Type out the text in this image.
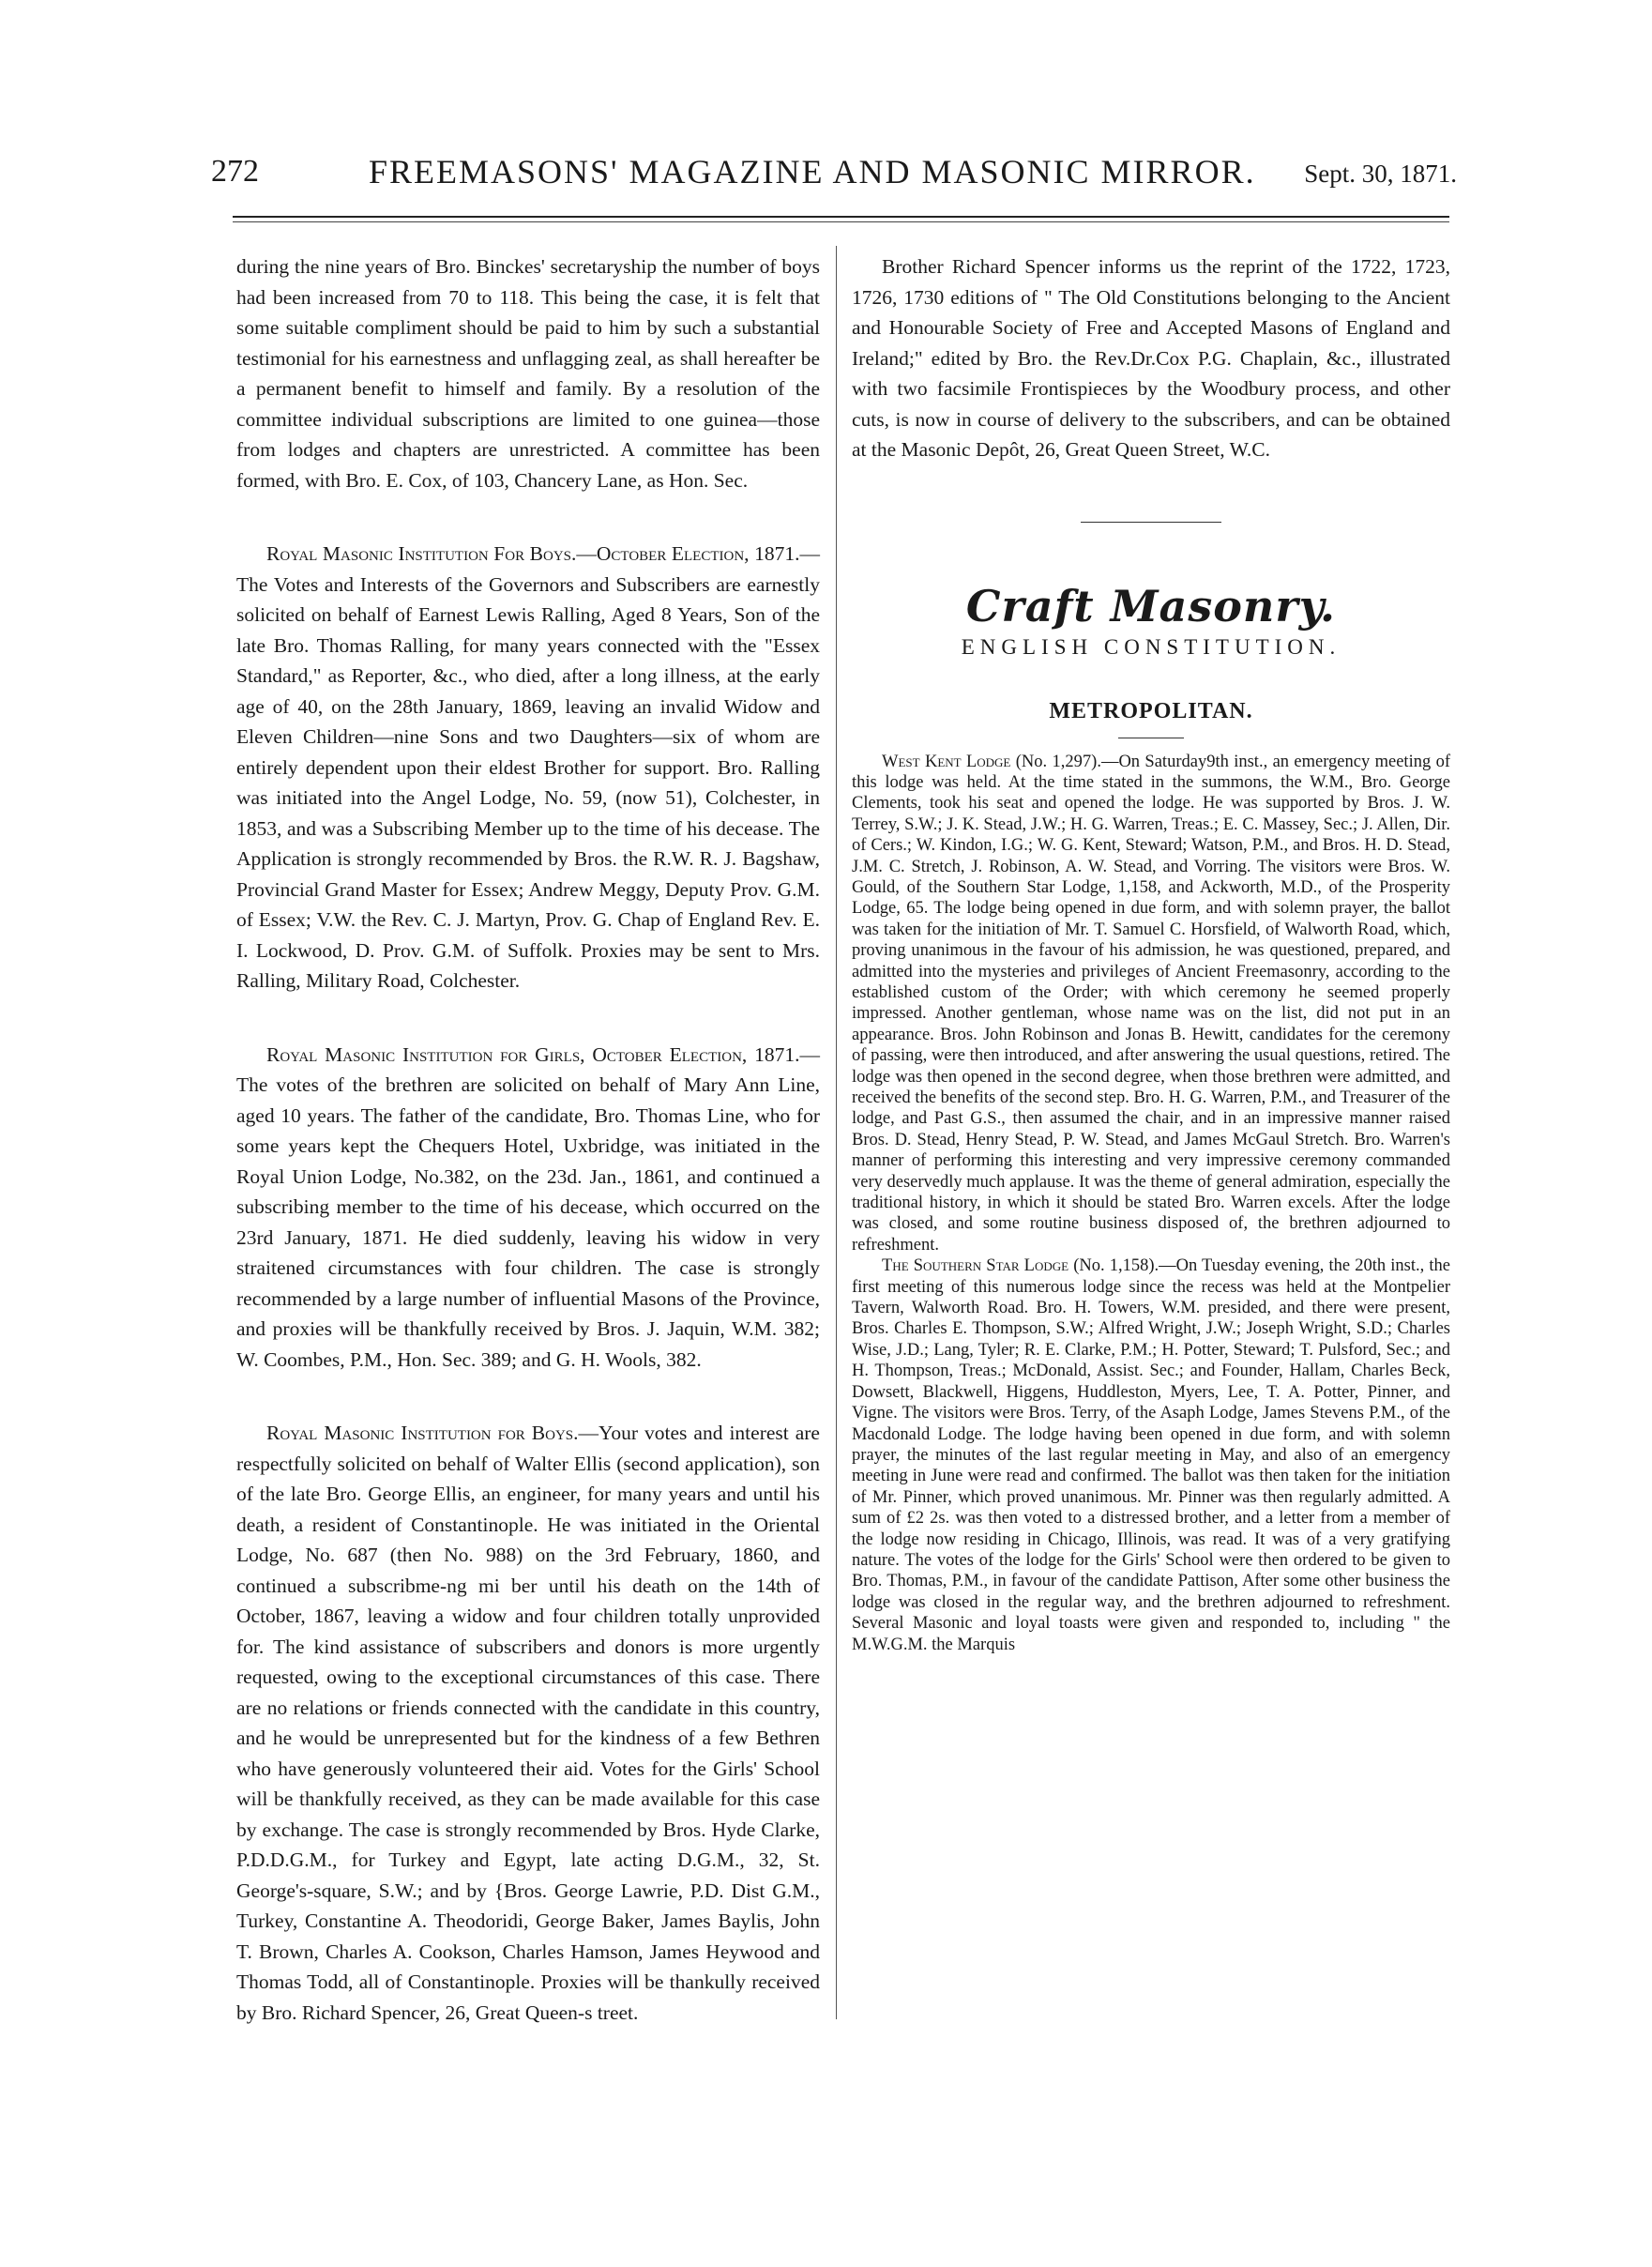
272	FREEMASONS' MAGAZINE AND MASONIC MIRROR. Sept. 30, 1871.

during the nine years of Bro. Binckes' secretaryship the number of boys had been increased from 70 to 118. This being the case, it is felt that some suitable compliment should be paid to him by such a substantial testimonial for his earnestness and unflagging zeal, as shall hereafter be a permanent benefit to himself and family. By a resolution of the committee individual subscriptions are limited to one guinea—those from lodges and chapters are unrestricted. A committee has been formed, with Bro. E. Cox, of 103, Chancery Lane, as Hon. Sec.

Royal Masonic Institution For Boys.—October Election, 1871.—The Votes and Interests of the Governors and Subscribers are earnestly solicited on behalf of Earnest Lewis Ralling, Aged 8 Years, Son of the late Bro. Thomas Ralling, for many years connected with the "Essex Standard," as Reporter, &c., who died, after a long illness, at the early age of 40, on the 28th January, 1869, leaving an invalid Widow and Eleven Children—nine Sons and two Daughters—six of whom are entirely dependent upon their eldest Brother for support. Bro. Ralling was initiated into the Angel Lodge, No. 59, (now 51), Colchester, in 1853, and was a Subscribing Member up to the time of his decease. The Application is strongly recommended by Bros. the R.W. R. J. Bagshaw, Provincial Grand Master for Essex; Andrew Meggy, Deputy Prov. G.M. of Essex; V.W. the Rev. C. J. Martyn, Prov. G. Chap of England Rev. E. I. Lockwood, D. Prov. G.M. of Suffolk. Proxies may be sent to Mrs. Ralling, Military Road, Colchester.

Royal Masonic Institution for Girls, October Election, 1871.—The votes of the brethren are solicited on behalf of Mary Ann Line, aged 10 years. The father of the candidate, Bro. Thomas Line, who for some years kept the Chequers Hotel, Uxbridge, was initiated in the Royal Union Lodge, No.382, on the 23d. Jan., 1861, and continued a subscribing member to the time of his decease, which occurred on the 23rd January, 1871. He died suddenly, leaving his widow in very straitened circumstances with four children. The case is strongly recommended by a large number of influential Masons of the Province, and proxies will be thankfully received by Bros. J. Jaquin, W.M. 382; W. Coombes, P.M., Hon. Sec. 389; and G. H. Wools, 382.

Royal Masonic Institution for Boys.—Your votes and interest are respectfully solicited on behalf of Walter Ellis (second application), son of the late Bro. George Ellis, an engineer, for many years and until his death, a resident of Constantinople. He was initiated in the Oriental Lodge, No. 687 (then No. 988) on the 3rd February, 1860, and continued a subscribme-ng mi ber until his death on the 14th of October, 1867, leaving a widow and four children totally unprovided for. The kind assistance of subscribers and donors is more urgently requested, owing to the exceptional circumstances of this case. There are no relations or friends connected with the candidate in this country, and he would be unrepresented but for the kindness of a few Bethren who have generously volunteered their aid. Votes for the Girls' School will be thankfully received, as they can be made available for this case by exchange. The case is strongly recommended by Bros. Hyde Clarke, P.D.D.G.M., for Turkey and Egypt, late acting D.G.M., 32, St. George's-square, S.W.; and by {Bros. George Lawrie, P.D. Dist G.M., Turkey, Constantine A. Theodoridi, George Baker, James Baylis, John T. Brown, Charles A. Cookson, Charles Hamson, James Heywood and Thomas Todd, all of Constantinople. Proxies will be thankully received by Bro. Richard Spencer, 26, Great Queen-s treet.

Brother Richard Spencer informs us the reprint of the 1722, 1723, 1726, 1730 editions of " The Old Constitutions belonging to the Ancient and Honourable Society of Free and Accepted Masons of England and Ireland;" edited by Bro. the Rev.Dr.Cox P.G. Chaplain, &c., illustrated with two facsimile Frontispieces by the Woodbury process, and other cuts, is now in course of delivery to the subscribers, and can be obtained at the Masonic Depôt, 26, Great Queen Street, W.C.

Craft Masonry.
ENGLISH CONSTITUTION.
METROPOLITAN.

West Kent Lodge (No. 1,297).—On Saturday9th inst., an emergency meeting of this lodge was held. At the time stated in the summons, the W.M., Bro. George Clements, took his seat and opened the lodge. He was supported by Bros. J. W. Terrey, S.W.; J. K. Stead, J.W.; H. G. Warren, Treas.; E. C. Massey, Sec.; J. Allen, Dir. of Cers.; W. Kindon, I.G.; W. G. Kent, Steward; Watson, P.M., and Bros. H. D. Stead, J.M. C. Stretch, J. Robinson, A. W. Stead, and Vorring. The visitors were Bros. W. Gould, of the Southern Star Lodge, 1,158, and Ackworth, M.D., of the Prosperity Lodge, 65. The lodge being opened in due form, and with solemn prayer, the ballot was taken for the initiation of Mr. T. Samuel C. Horsfield, of Walworth Road, which, proving unanimous in the favour of his admission, he was questioned, prepared, and admitted into the mysteries and privileges of Ancient Freemasonry, according to the established custom of the Order; with which ceremony he seemed properly impressed. Another gentleman, whose name was on the list, did not put in an appearance. Bros. John Robinson and Jonas B. Hewitt, candidates for the ceremony of passing, were then introduced, and after answering the usual questions, retired. The lodge was then opened in the second degree, when those brethren were admitted, and received the benefits of the second step. Bro. H. G. Warren, P.M., and Treasurer of the lodge, and Past G.S., then assumed the chair, and in an impressive manner raised Bros. D. Stead, Henry Stead, P. W. Stead, and James McGaul Stretch. Bro. Warren's manner of performing this interesting and very impressive ceremony commanded very deservedly much applause. It was the theme of general admiration, especially the traditional history, in which it should be stated Bro. Warren excels. After the lodge was closed, and some routine business disposed of, the brethren adjourned to refreshment.

The Southern Star Lodge (No. 1,158).—On Tuesday evening, the 20th inst., the first meeting of this numerous lodge since the recess was held at the Montpelier Tavern, Walworth Road. Bro. H. Towers, W.M. presided, and there were present, Bros. Charles E. Thompson, S.W.; Alfred Wright, J.W.; Joseph Wright, S.D.; Charles Wise, J.D.; Lang, Tyler; R. E. Clarke, P.M.; H. Potter, Steward; T. Pulsford, Sec.; and H. Thompson, Treas.; McDonald, Assist. Sec.; and Founder, Hallam, Charles Beck, Dowsett, Blackwell, Higgens, Huddleston, Myers, Lee, T. A. Potter, Pinner, and Vigne. The visitors were Bros. Terry, of the Asaph Lodge, James Stevens P.M., of the Macdonald Lodge. The lodge having been opened in due form, and with solemn prayer, the minutes of the last regular meeting in May, and also of an emergency meeting in June were read and confirmed. The ballot was then taken for the initiation of Mr. Pinner, which proved unanimous. Mr. Pinner was then regularly admitted. A sum of £2 2s. was then voted to a distressed brother, and a letter from a member of the lodge now residing in Chicago, Illinois, was read. It was of a very gratifying nature. The votes of the lodge for the Girls' School were then ordered to be given to Bro. Thomas, P.M., in favour of the candidate Pattison, After some other business the lodge was closed in the regular way, and the brethren adjourned to refreshment. Several Masonic and loyal toasts were given and responded to, including " the M.W.G.M. the Marquis
